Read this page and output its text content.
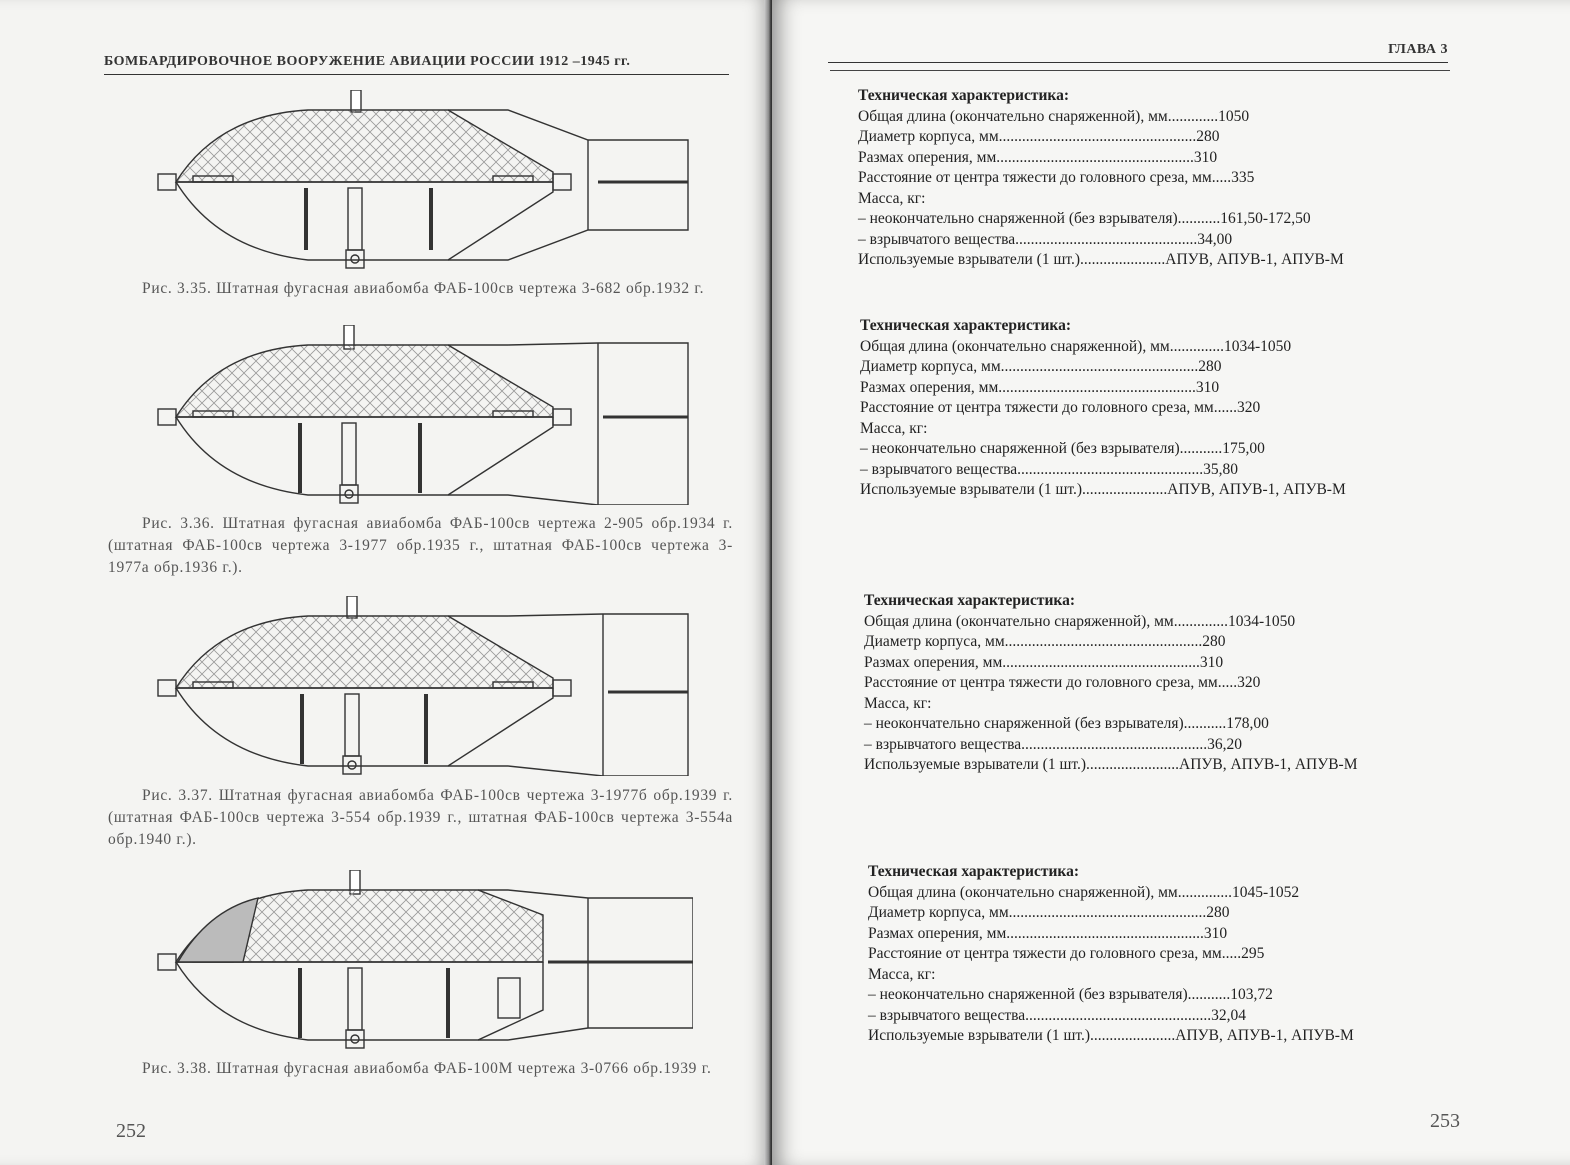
БОМБАРДИРОВОЧНОЕ ВООРУЖЕНИЕ АВИАЦИИ РОССИИ 1912 –1945 гг.
Рис. 3.35. Штатная фугасная авиабомба ФАБ-100св чертежа 3-682 обр.1932 г.
Рис. 3.36. Штатная фугасная авиабомба ФАБ-100св чертежа 2-905 обр.1934 г. (штатная ФАБ-100св чертежа 3-1977 обр.1935 г., штатная ФАБ-100св чертежа 3-1977а обр.1936 г.).
Рис. 3.37. Штатная фугасная авиабомба ФАБ-100св чертежа 3-1977б обр.1939 г. (штатная ФАБ-100св чертежа 3-554 обр.1939 г., штатная ФАБ-100св чертежа 3-554а обр.1940 г.).
Рис. 3.38. Штатная фугасная авиабомба ФАБ-100М чертежа 3-0766 обр.1939 г.
252
ГЛАВА 3
Техническая характеристика:
Общая длина (окончательно снаряженной), мм.............1050
Диаметр корпуса, мм...................................................280
Размах оперения, мм...................................................310
Расстояние от центра тяжести до головного среза, мм.....335
Масса, кг:
– неокончательно снаряженной (без взрывателя)...........161,50-172,50
– взрывчатого вещества...............................................34,00
Используемые взрыватели (1 шт.)......................АПУВ, АПУВ-1, АПУВ-М
Техническая характеристика:
Общая длина (окончательно снаряженной), мм..............1034-1050
Диаметр корпуса, мм...................................................280
Размах оперения, мм...................................................310
Расстояние от центра тяжести до головного среза, мм......320
Масса, кг:
– неокончательно снаряженной (без взрывателя)...........175,00
– взрывчатого вещества................................................35,80
Используемые взрыватели (1 шт.)......................АПУВ, АПУВ-1, АПУВ-М
Техническая характеристика:
Общая длина (окончательно снаряженной), мм..............1034-1050
Диаметр корпуса, мм...................................................280
Размах оперения, мм...................................................310
Расстояние от центра тяжести до головного среза, мм.....320
Масса, кг:
– неокончательно снаряженной (без взрывателя)...........178,00
– взрывчатого вещества................................................36,20
Используемые взрыватели (1 шт.)........................АПУВ, АПУВ-1, АПУВ-М
Техническая характеристика:
Общая длина (окончательно снаряженной), мм..............1045-1052
Диаметр корпуса, мм...................................................280
Размах оперения, мм...................................................310
Расстояние от центра тяжести до головного среза, мм.....295
Масса, кг:
– неокончательно снаряженной (без взрывателя)...........103,72
– взрывчатого вещества................................................32,04
Используемые взрыватели (1 шт.)......................АПУВ, АПУВ-1, АПУВ-М
253
